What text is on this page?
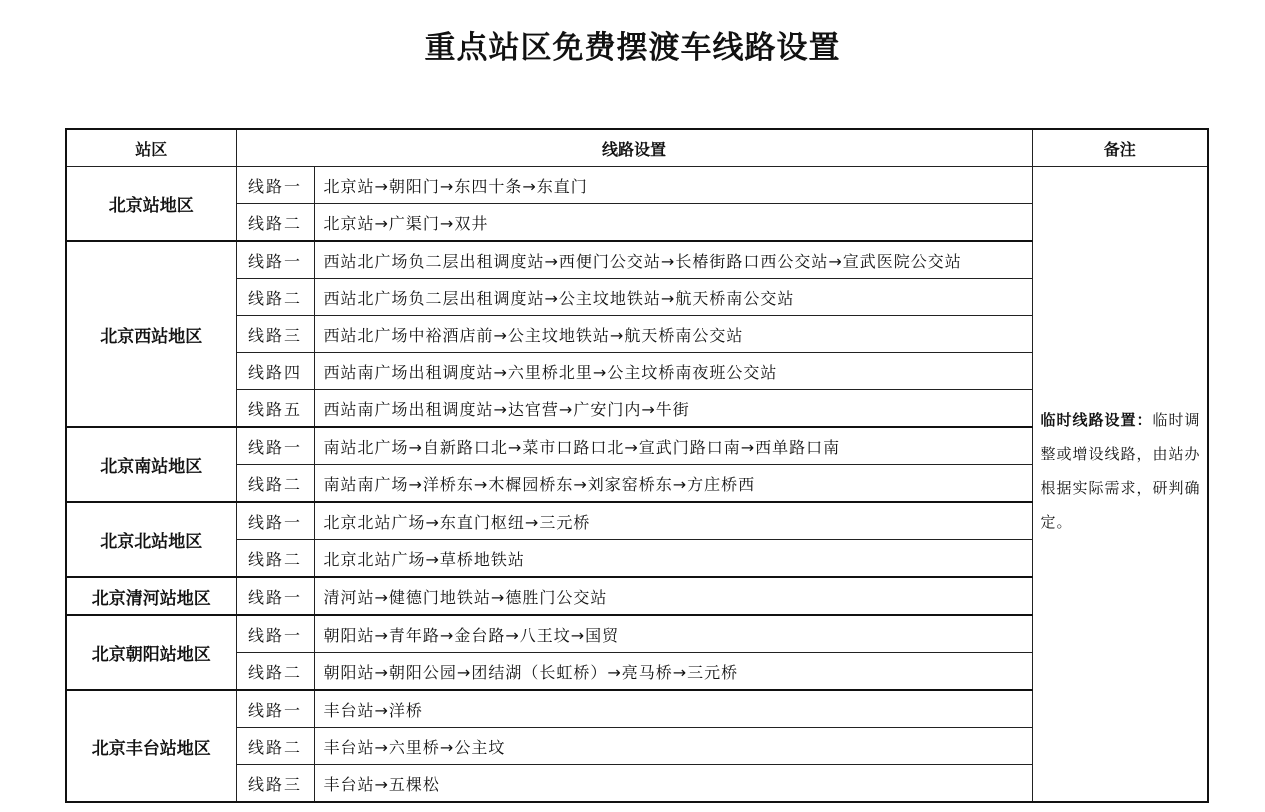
重点站区免费摆渡车线路设置
站区	线路设置		备注
北京站地区	线路一	北京站→朝阳门→东四十条→东直门	临时线路设置：临时调整或增设线路，由站办根据实际需求，研判确定。
	线路二	北京站→广渠门→双井	
北京西站地区	线路一	西站北广场负二层出租调度站→西便门公交站→长椿街路口西公交站→宣武医院公交站	
	线路二	西站北广场负二层出租调度站→公主坟地铁站→航天桥南公交站	
	线路三	西站北广场中裕酒店前→公主坟地铁站→航天桥南公交站	
	线路四	西站南广场出租调度站→六里桥北里→公主坟桥南夜班公交站	
	线路五	西站南广场出租调度站→达官营→广安门内→牛街	
北京南站地区	线路一	南站北广场→自新路口北→菜市口路口北→宣武门路口南→西单路口南	
	线路二	南站南广场→洋桥东→木樨园桥东→刘家窑桥东→方庄桥西	
北京北站地区	线路一	北京北站广场→东直门枢纽→三元桥	
	线路二	北京北站广场→草桥地铁站	
北京清河站地区	线路一	清河站→健德门地铁站→德胜门公交站	
北京朝阳站地区	线路一	朝阳站→青年路→金台路→八王坟→国贸	
	线路二	朝阳站→朝阳公园→团结湖（长虹桥）→亮马桥→三元桥	
北京丰台站地区	线路一	丰台站→洋桥	
	线路二	丰台站→六里桥→公主坟	
	线路三	丰台站→五棵松	
